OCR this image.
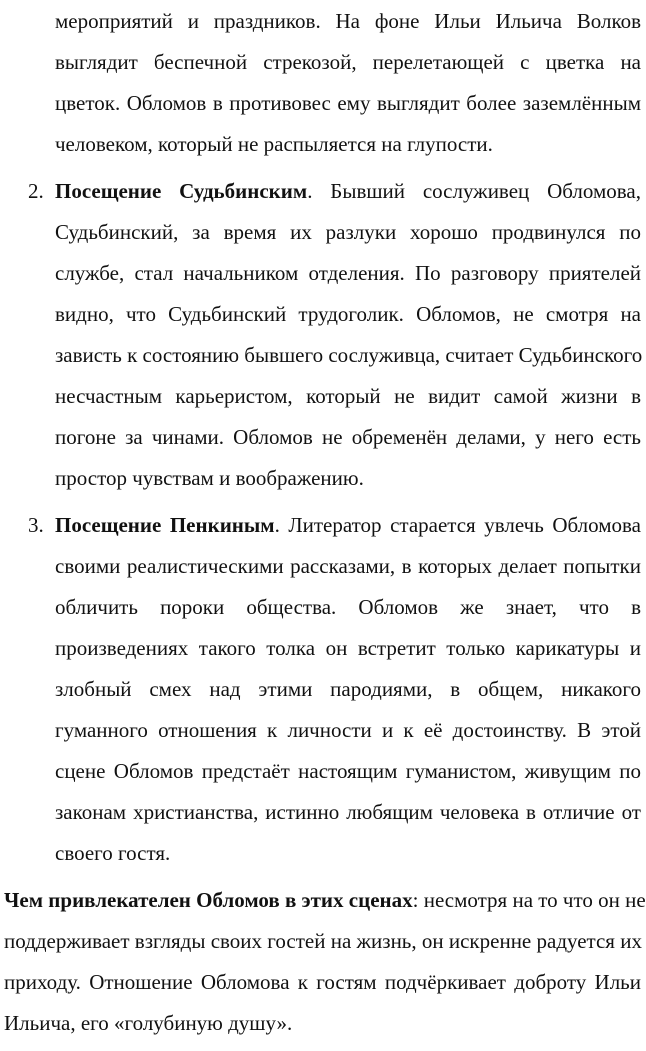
мероприятий и праздников. На фоне Ильи Ильича Волков
выглядит беспечной стрекозой, перелетающей с цветка на
цветок. Обломов в противовес ему выглядит более заземлённым
человеком, который не распыляется на глупости.
2. Посещение Судьбинским. Бывший сослуживец Обломова,
Судьбинский, за время их разлуки хорошо продвинулся по
службе, стал начальником отделения. По разговору приятелей
видно, что Судьбинский трудоголик. Обломов, не смотря на
зависть к состоянию бывшего сослуживца, считает Судьбинского
несчастным карьеристом, который не видит самой жизни в
погоне за чинами. Обломов не обременён делами, у него есть
простор чувствам и воображению.
3. Посещение Пенкиным. Литератор старается увлечь Обломова
своими реалистическими рассказами, в которых делает попытки
обличить пороки общества. Обломов же знает, что в
произведениях такого толка он встретит только карикатуры и
злобный смех над этими пародиями, в общем, никакого
гуманного отношения к личности и к её достоинству. В этой
сцене Обломов предстаёт настоящим гуманистом, живущим по
законам христианства, истинно любящим человека в отличие от
своего гостя.
Чем привлекателен Обломов в этих сценах: несмотря на то что он не
поддерживает взгляды своих гостей на жизнь, он искренне радуется их
приходу. Отношение Обломова к гостям подчёркивает доброту Ильи
Ильича, его «голубиную душу».
